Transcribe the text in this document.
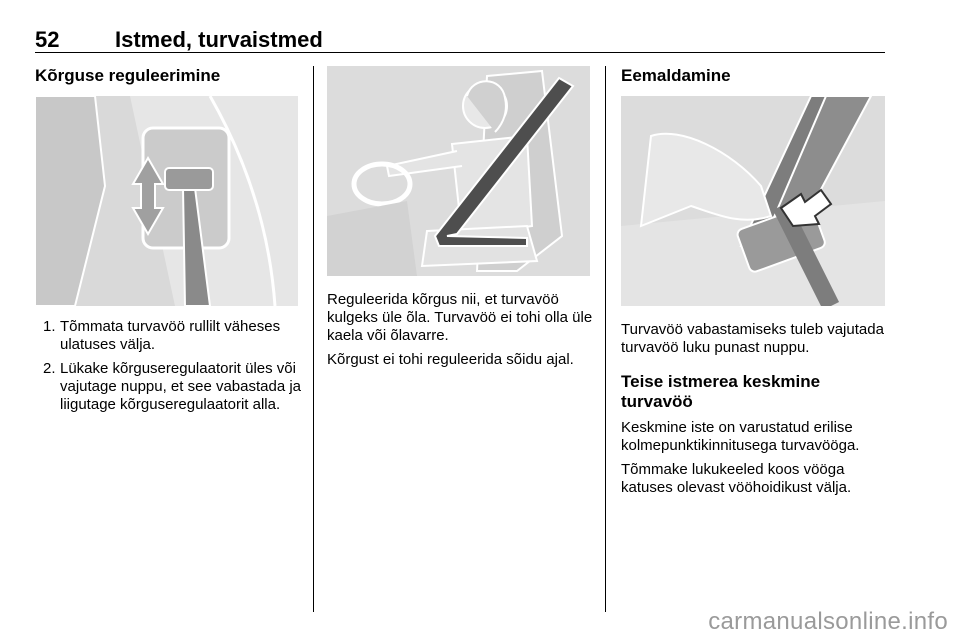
52	Istmed, turvaistmed
Kõrguse reguleerimine
1. Tõmmata turvavöö rullilt väheses ulatuses välja.
2. Lükake kõrguseregulaatorit üles või vajutage nuppu, et see vabastada ja liigutage kõrguseregulaatorit alla.

Reguleerida kõrgus nii, et turvavöö kulgeks üle õla. Turvavöö ei tohi olla üle kaela või õlavarre.

Kõrgust ei tohi reguleerida sõidu ajal.

Eemaldamine

Turvavöö vabastamiseks tuleb vajutada turvavöö luku punast nuppu.

Teise istmerea keskmine turvavöö

Keskmine iste on varustatud erilise kolmepunktikinnitusega turvavööga.

Tõmmake lukukeeled koos vööga katuses olevast vööhoidikust välja.

carmanualsonline.info
